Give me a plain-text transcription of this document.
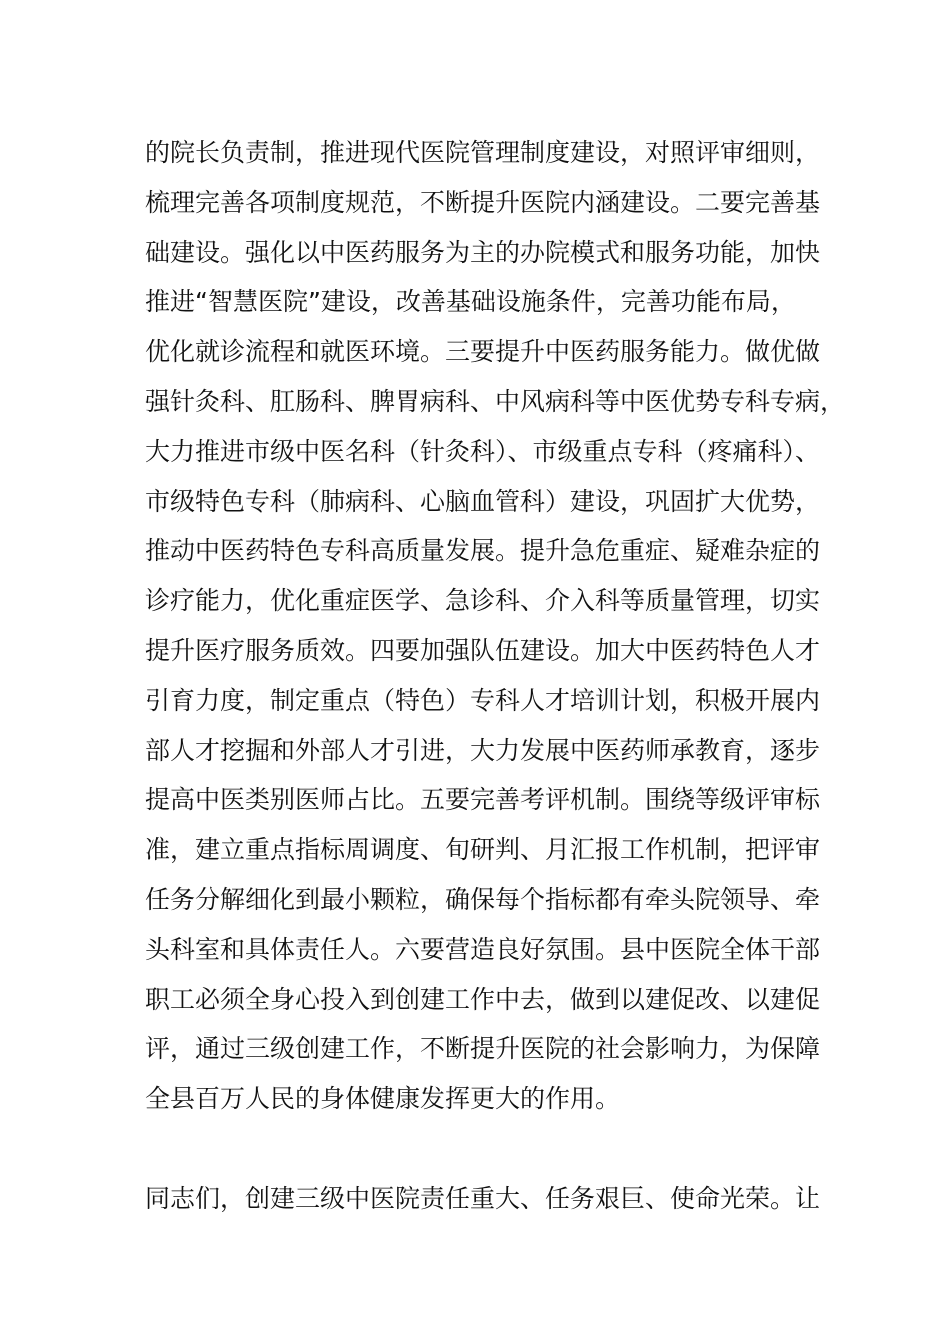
的院长负责制，推进现代医院管理制度建设，对照评审细则，
梳理完善各项制度规范，不断提升医院内涵建设。二要完善基
础建设。强化以中医药服务为主的办院模式和服务功能，加快
推进“智慧医院”建设，改善基础设施条件，完善功能布局，
优化就诊流程和就医环境。三要提升中医药服务能力。做优做
强针灸科、肛肠科、脾胃病科、中风病科等中医优势专科专病，
大力推进市级中医名科（针灸科）、市级重点专科（疼痛科）、
市级特色专科（肺病科、心脑血管科）建设，巩固扩大优势，
推动中医药特色专科高质量发展。提升急危重症、疑难杂症的
诊疗能力，优化重症医学、急诊科、介入科等质量管理，切实
提升医疗服务质效。四要加强队伍建设。加大中医药特色人才
引育力度，制定重点（特色）专科人才培训计划，积极开展内
部人才挖掘和外部人才引进，大力发展中医药师承教育，逐步
提高中医类别医师占比。五要完善考评机制。围绕等级评审标
准，建立重点指标周调度、旬研判、月汇报工作机制，把评审
任务分解细化到最小颗粒，确保每个指标都有牵头院领导、牵
头科室和具体责任人。六要营造良好氛围。县中医院全体干部
职工必须全身心投入到创建工作中去，做到以建促改、以建促
评，通过三级创建工作，不断提升医院的社会影响力，为保障
全县百万人民的身体健康发挥更大的作用。
同志们，创建三级中医院责任重大、任务艰巨、使命光荣。让
